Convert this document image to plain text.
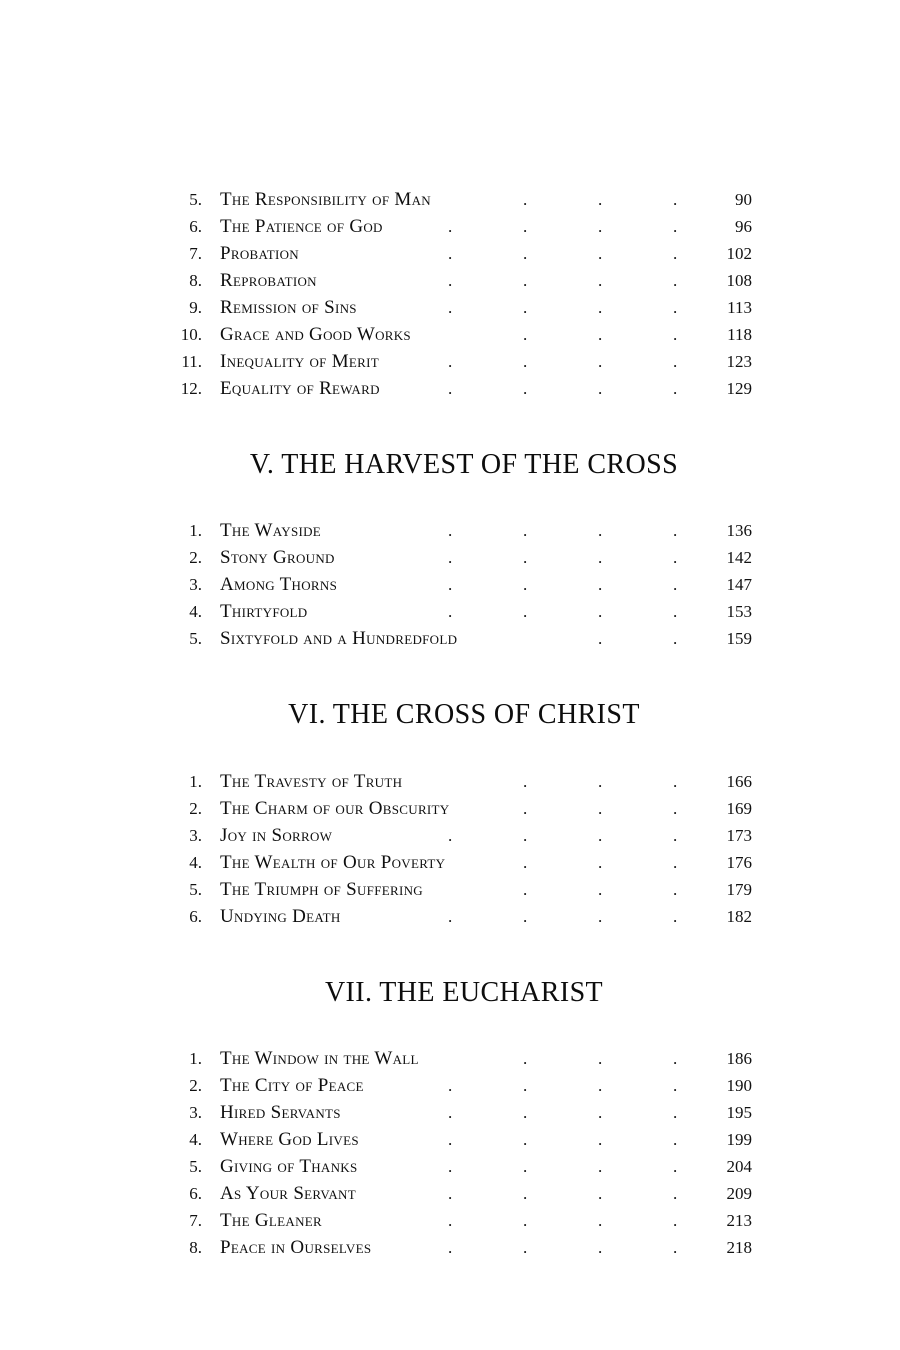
5. The Responsibility of Man	.	.	.	90
6. The Patience of God	.	.	.	.	96
7. Probation	.	.	.	.	102
8. Reprobation	.	.	.	.	108
9. Remission of Sins	.	.	.	.	113
10. Grace and Good Works	.	.	.	118
11. Inequality of Merit	.	.	.	.	123
12. Equality of Reward	.	.	.	.	129
V. THE HARVEST OF THE CROSS
1. The Wayside	.	.	.	.	136
2. Stony Ground	.	.	.	.	142
3. Among Thorns	.	.	.	.	147
4. Thirtyfold	.	.	.	.	153
5. Sixtyfold and a Hundredfold	.	.	159
VI. THE CROSS OF CHRIST
1. The Travesty of Truth	.	.	.	166
2. The Charm of our Obscurity	.	.	.	169
3. Joy in Sorrow	.	.	.	.	173
4. The Wealth of Our Poverty	.	.	.	176
5. The Triumph of Suffering	.	.	.	179
6. Undying Death	.	.	.	.	182
VII. THE EUCHARIST
1. The Window in the Wall	.	.	.	186
2. The City of Peace	.	.	.	.	190
3. Hired Servants	.	.	.	.	195
4. Where God Lives	.	.	.	.	199
5. Giving of Thanks	.	.	.	.	204
6. As Your Servant	.	.	.	.	209
7. The Gleaner	.	.	.	.	213
8. Peace in Ourselves	.	.	.	.	218
